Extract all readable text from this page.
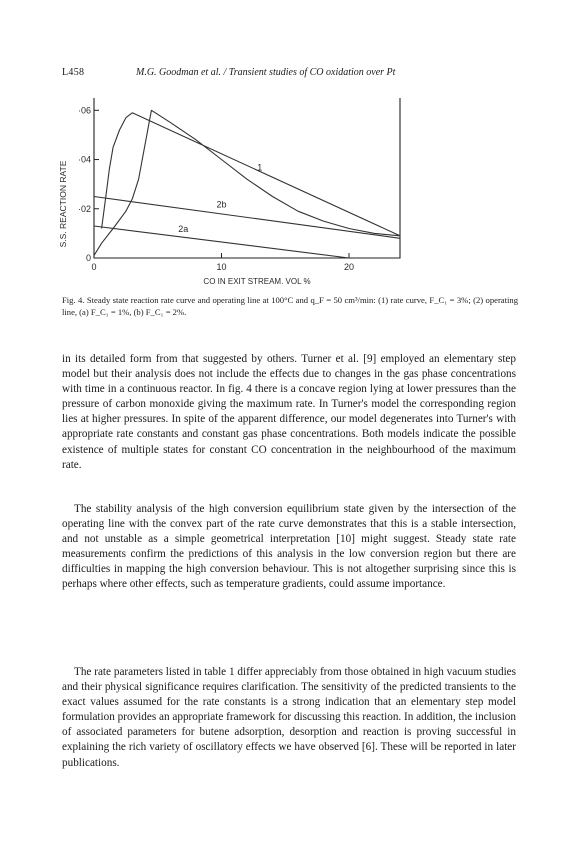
L458	M.G. Goodman et al. / Transient studies of CO oxidation over Pt
0
·02
·04
·06
0	10	20
S.S. REACTION RATE
CO IN EXIT STREAM, VOL %
1
2b
2a
Fig. 4. Steady state reaction rate curve and operating line at 100°C and q_F = 50 cm³/min: (1) rate curve, F_C₁ = 3%; (2) operating line, (a) F_C₁ = 1%, (b) F_C₁ = 2%.

in its detailed form from that suggested by others. Turner et al. [9] employed an elementary step model but their analysis does not include the effects due to changes in the gas phase concentrations with time in a continuous reactor. In fig. 4 there is a concave region lying at lower pressures than the pressure of carbon monoxide giving the maximum rate. In Turner's model the corresponding region lies at higher pressures. In spite of the apparent difference, our model degenerates into Turner's with appropriate rate constants and constant gas phase concentrations. Both models indicate the possible existence of multiple states for constant CO concentration in the neighbourhood of the maximum rate.

The stability analysis of the high conversion equilibrium state given by the intersection of the operating line with the convex part of the rate curve demonstrates that this is a stable intersection, and not unstable as a simple geometrical interpretation [10] might suggest. Steady state rate measurements confirm the predictions of this analysis in the low conversion region but there are difficulties in mapping the high conversion behaviour. This is not altogether surprising since this is perhaps where other effects, such as temperature gradients, could assume importance.

The rate parameters listed in table 1 differ appreciably from those obtained in high vacuum studies and their physical significance requires clarification. The sensitivity of the predicted transients to the exact values assumed for the rate constants is a strong indication that an elementary step model formulation provides an appropriate framework for discussing this reaction. In addition, the inclusion of associated parameters for butene adsorption, desorption and reaction is proving successful in explaining the rich variety of oscillatory effects we have observed [6]. These will be reported in later publications.
